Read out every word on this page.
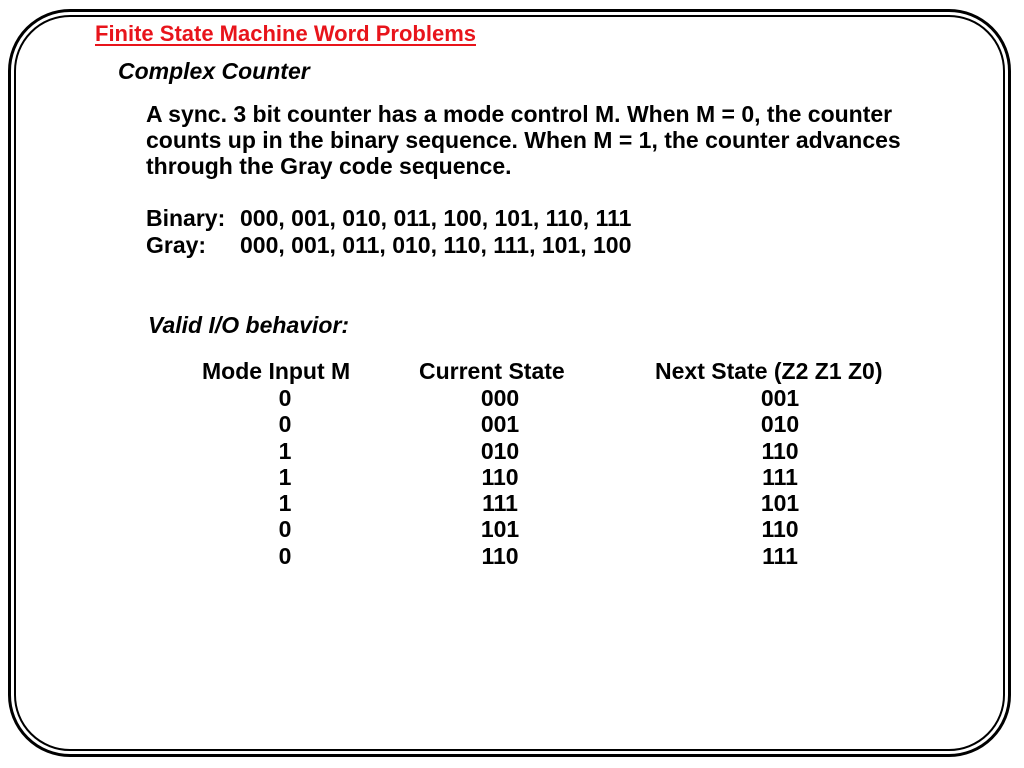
Finite State Machine Word Problems
Complex Counter
A sync. 3 bit counter has a mode control M. When M = 0, the counter
counts up in the binary sequence. When M = 1, the counter advances
through the Gray code sequence.
Binary: 000, 001, 010, 011, 100, 101, 110, 111
Gray: 000, 001, 011, 010, 110, 111, 101, 100
Valid I/O behavior:
Mode Input M	Current State	Next State (Z2 Z1 Z0)
0	000	001
0	001	010
1	010	110
1	110	111
1	111	101
0	101	110
0	110	111
